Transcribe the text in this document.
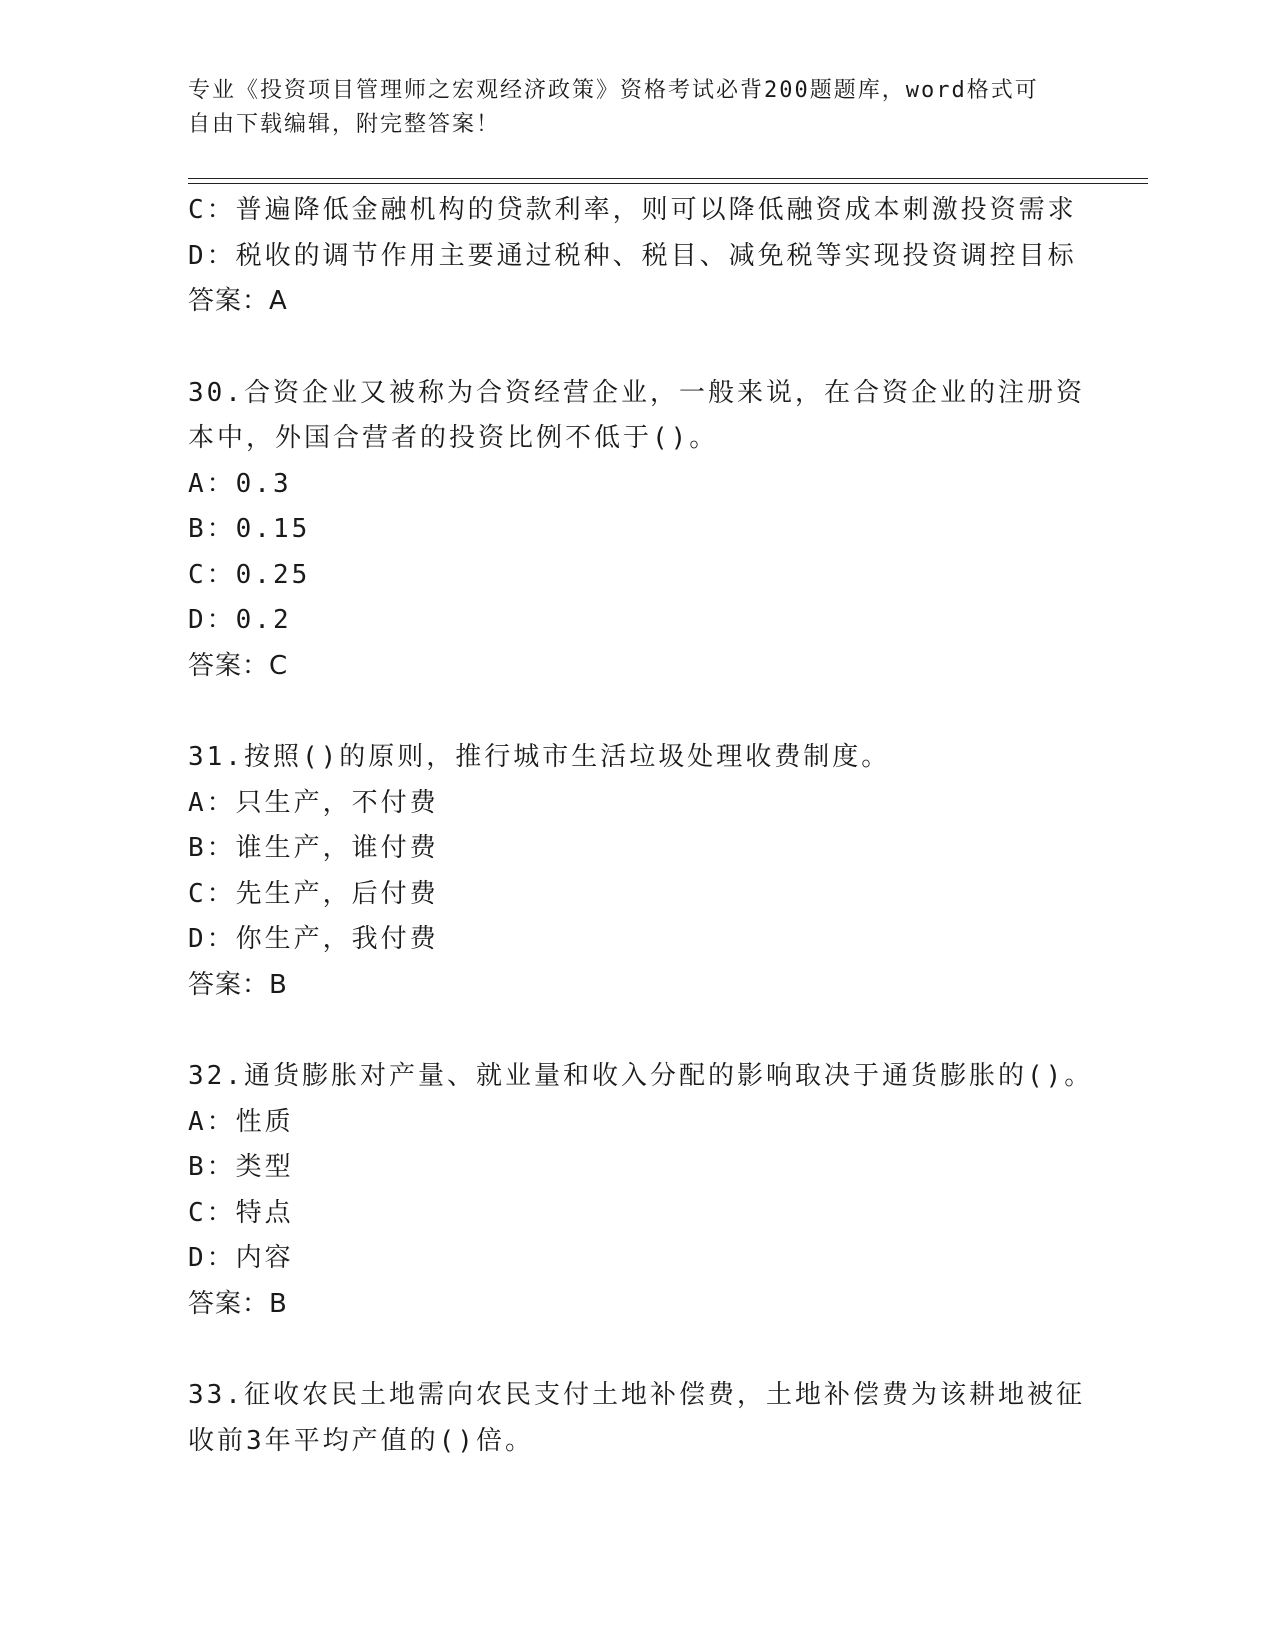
专业《投资项目管理师之宏观经济政策》资格考试必背200题题库，word格式可
自由下载编辑，附完整答案！
C：普遍降低金融机构的贷款利率，则可以降低融资成本刺激投资需求
D：税收的调节作用主要通过税种、税目、减免税等实现投资调控目标
答案：A
30.合资企业又被称为合资经营企业，一般来说，在合资企业的注册资
本中，外国合营者的投资比例不低于()。
A：0.3
B：0.15
C：0.25
D：0.2
答案：C
31.按照()的原则，推行城市生活垃圾处理收费制度。
A：只生产，不付费
B：谁生产，谁付费
C：先生产，后付费
D：你生产，我付费
答案：B
32.通货膨胀对产量、就业量和收入分配的影响取决于通货膨胀的()。
A：性质
B：类型
C：特点
D：内容
答案：B
33.征收农民土地需向农民支付土地补偿费，土地补偿费为该耕地被征
收前3年平均产值的()倍。
